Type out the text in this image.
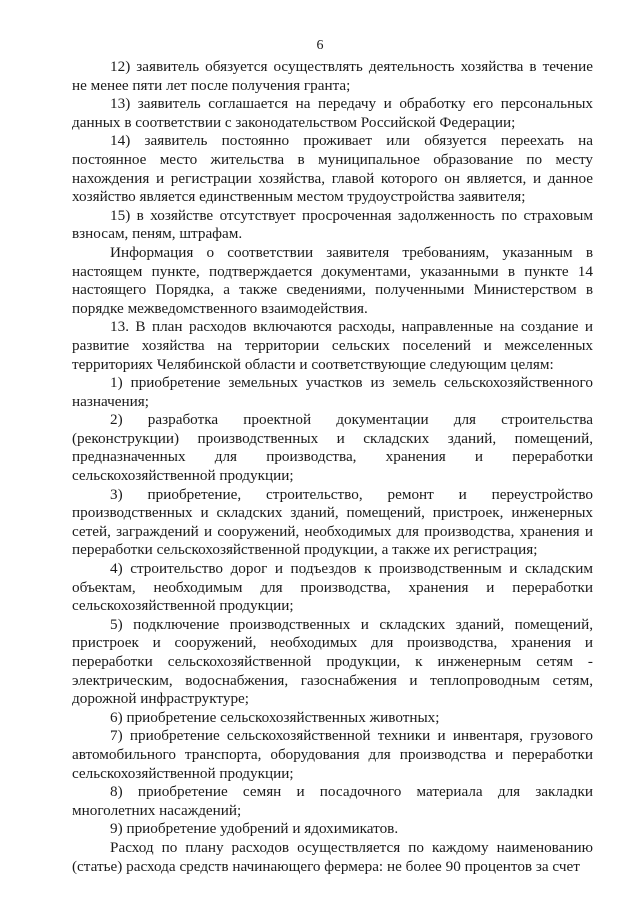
6

12) заявитель обязуется осуществлять деятельность хозяйства в течение не менее пяти лет после получения гранта;

13) заявитель соглашается на передачу и обработку его персональных данных в соответствии с законодательством Российской Федерации;

14) заявитель постоянно проживает или обязуется переехать на постоянное место жительства в муниципальное образование по месту нахождения и регистрации хозяйства, главой которого он является, и данное хозяйство является единственным местом трудоустройства заявителя;

15) в хозяйстве отсутствует просроченная задолженность по страховым взносам, пеням, штрафам.

Информация о соответствии заявителя требованиям, указанным в настоящем пункте, подтверждается документами, указанными в пункте 14 настоящего Порядка, а также сведениями, полученными Министерством в порядке межведомственного взаимодействия.

13. В план расходов включаются расходы, направленные на создание и развитие хозяйства на территории сельских поселений и межселенных территориях Челябинской области и соответствующие следующим целям:

1) приобретение земельных участков из земель сельскохозяйственного назначения;

2) разработка проектной документации для строительства (реконструкции) производственных и складских зданий, помещений, предназначенных для производства, хранения и переработки сельскохозяйственной продукции;

3) приобретение, строительство, ремонт и переустройство производственных и складских зданий, помещений, пристроек, инженерных сетей, заграждений и сооружений, необходимых для производства, хранения и переработки сельскохозяйственной продукции, а также их регистрация;

4) строительство дорог и подъездов к производственным и складским объектам, необходимым для производства, хранения и переработки сельскохозяйственной продукции;

5) подключение производственных и складских зданий, помещений, пристроек и сооружений, необходимых для производства, хранения и переработки сельскохозяйственной продукции, к инженерным сетям - электрическим, водоснабжения, газоснабжения и теплопроводным сетям, дорожной инфраструктуре;

6) приобретение сельскохозяйственных животных;

7) приобретение сельскохозяйственной техники и инвентаря, грузового автомобильного транспорта, оборудования для производства и переработки сельскохозяйственной продукции;

8) приобретение семян и посадочного материала для закладки многолетних насаждений;

9) приобретение удобрений и ядохимикатов.

Расход по плану расходов осуществляется по каждому наименованию (статье) расхода средств начинающего фермера: не более 90 процентов за счет
